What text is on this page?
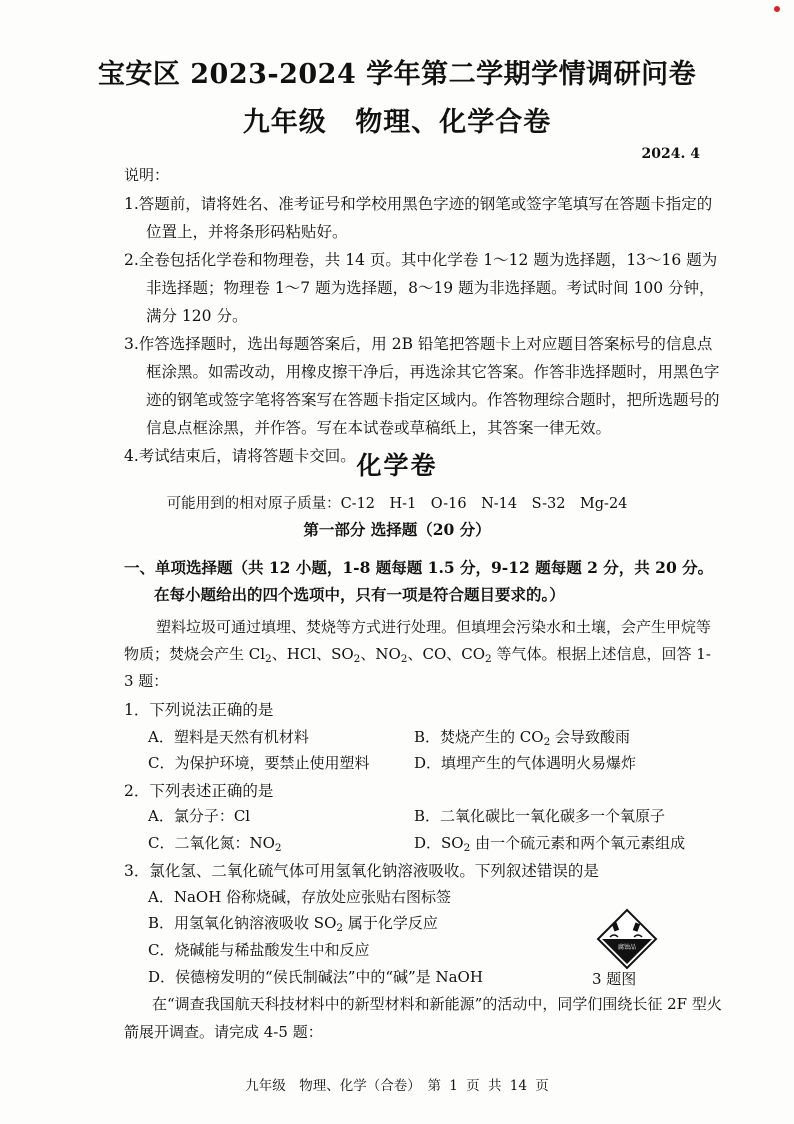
宝安区 2023-2024 学年第二学期学情调研问卷
九年级 物理、化学合卷
2024. 4
说明：
1.答题前，请将姓名、准考证号和学校用黑色字迹的钢笔或签字笔填写在答题卡指定的位置上，并将条形码粘贴好。
2.全卷包括化学卷和物理卷，共 14 页。其中化学卷 1～12 题为选择题，13～16 题为非选择题；物理卷 1～7 题为选择题，8～19 题为非选择题。考试时间 100 分钟，满分 120 分。
3.作答选择题时，选出每题答案后，用 2B 铅笔把答题卡上对应题目答案标号的信息点框涂黑。如需改动，用橡皮擦干净后，再选涂其它答案。作答非选择题时，用黑色字迹的钢笔或签字笔将答案写在答题卡指定区域内。作答物理综合题时，把所选题号的信息点框涂黑，并作答。写在本试卷或草稿纸上，其答案一律无效。
4.考试结束后，请将答题卡交回。 化学卷
可能用到的相对原子质量：C-12　H-1　O-16　N-14　S-32　Mg-24
第一部分 选择题（20 分）
一、单项选择题（共 12 小题，1-8 题每题 1.5 分，9-12 题每题 2 分，共 20 分。在每小题给出的四个选项中，只有一项是符合题目要求的。）
塑料垃圾可通过填埋、焚烧等方式进行处理。但填埋会污染水和土壤，会产生甲烷等物质；焚烧会产生 $Cl_2$、HCl、$SO_2$、$NO_2$、CO、$CO_2$ 等气体。根据上述信息，回答 1-3 题：
1．下列说法正确的是
A．塑料是天然有机材料	B．焚烧产生的 $CO_2$ 会导致酸雨
C．为保护环境，要禁止使用塑料	D．填埋产生的气体遇明火易爆炸
2．下列表述正确的是
A．氯分子：Cl	B．二氧化碳比一氧化碳多一个氧原子
C．二氧化氮：$NO_2$	D．$SO_2$ 由一个硫元素和两个氧元素组成
3．氯化氢、二氧化硫气体可用氢氧化钠溶液吸收。下列叙述错误的是
A．NaOH 俗称烧碱，存放处应张贴右图标签
B．用氢氧化钠溶液吸收 $SO_2$ 属于化学反应
C．烧碱能与稀盐酸发生中和反应
D．侯德榜发明的“侯氏制碱法”中的“碱”是 NaOH
腐蚀品
3 题图
在“调查我国航天科技材料中的新型材料和新能源”的活动中，同学们围绕长征 2F 型火箭展开调查。请完成 4-5 题：
九年级　物理、化学（合卷）　第 1 页 共 14 页
